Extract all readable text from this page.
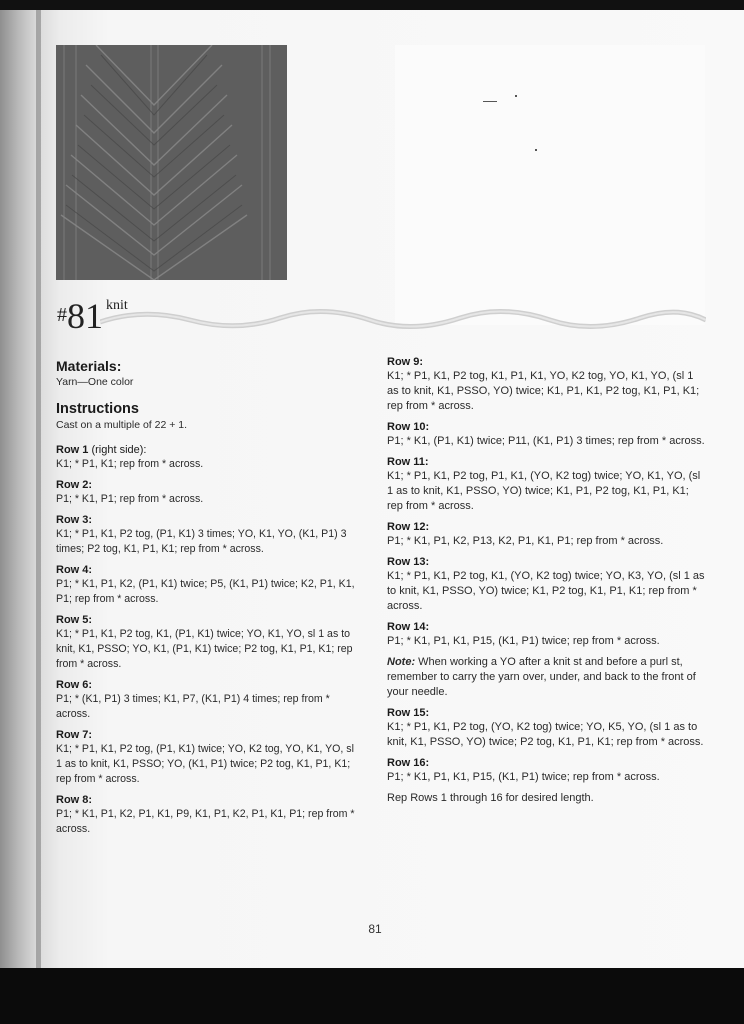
# 81 knit

Materials:

Yarn—One color

Instructions

Cast on a multiple of 22 + 1.

Row 1 (right side):
K1; * P1, K1; rep from * across.
Row 2:
P1; * K1, P1; rep from * across.
Row 3:
K1; * P1, K1, P2 tog, (P1, K1) 3 times; YO, K1, YO, (K1, P1) 3 times; P2 tog, K1, P1, K1; rep from * across.
Row 4:
P1; * K1, P1, K2, (P1, K1) twice; P5, (K1, P1) twice; K2, P1, K1, P1; rep from * across.
Row 5:
K1; * P1, K1, P2 tog, K1, (P1, K1) twice; YO, K1, YO, sl 1 as to knit, K1, PSSO; YO, K1, (P1, K1) twice; P2 tog, K1, P1, K1; rep from * across.
Row 6:
P1; * (K1, P1) 3 times; K1, P7, (K1, P1) 4 times; rep from * across.
Row 7:
K1; * P1, K1, P2 tog, (P1, K1) twice; YO, K2 tog, YO, K1, YO, sl 1 as to knit, K1, PSSO; YO, (K1, P1) twice; P2 tog, K1, P1, K1; rep from * across.
Row 8:
P1; * K1, P1, K2, P1, K1, P9, K1, P1, K2, P1, K1, P1; rep from * across.
Row 9:
K1; * P1, K1, P2 tog, K1, P1, K1, YO, K2 tog, YO, K1, YO, (sl 1 as to knit, K1, PSSO, YO) twice; K1, P1, K1, P2 tog, K1, P1, K1; rep from * across.
Row 10:
P1; * K1, (P1, K1) twice; P11, (K1, P1) 3 times; rep from * across.
Row 11:
K1; * P1, K1, P2 tog, P1, K1, (YO, K2 tog) twice; YO, K1, YO, (sl 1 as to knit, K1, PSSO, YO) twice; K1, P1, P2 tog, K1, P1, K1; rep from * across.
Row 12:
P1; * K1, P1, K2, P13, K2, P1, K1, P1; rep from * across.
Row 13:
K1; * P1, K1, P2 tog, K1, (YO, K2 tog) twice; YO, K3, YO, (sl 1 as to knit, K1, PSSO, YO) twice; K1, P2 tog, K1, P1, K1; rep from * across.
Row 14:
P1; * K1, P1, K1, P15, (K1, P1) twice; rep from * across.

Note: When working a YO after a knit st and before a purl st, remember to carry the yarn over, under, and back to the front of your needle.

Row 15:
K1; * P1, K1, P2 tog, (YO, K2 tog) twice; YO, K5, YO, (sl 1 as to knit, K1, PSSO, YO) twice; P2 tog, K1, P1, K1; rep from * across.
Row 16:
P1; * K1, P1, K1, P15, (K1, P1) twice; rep from * across.
Rep Rows 1 through 16 for desired length.
81
